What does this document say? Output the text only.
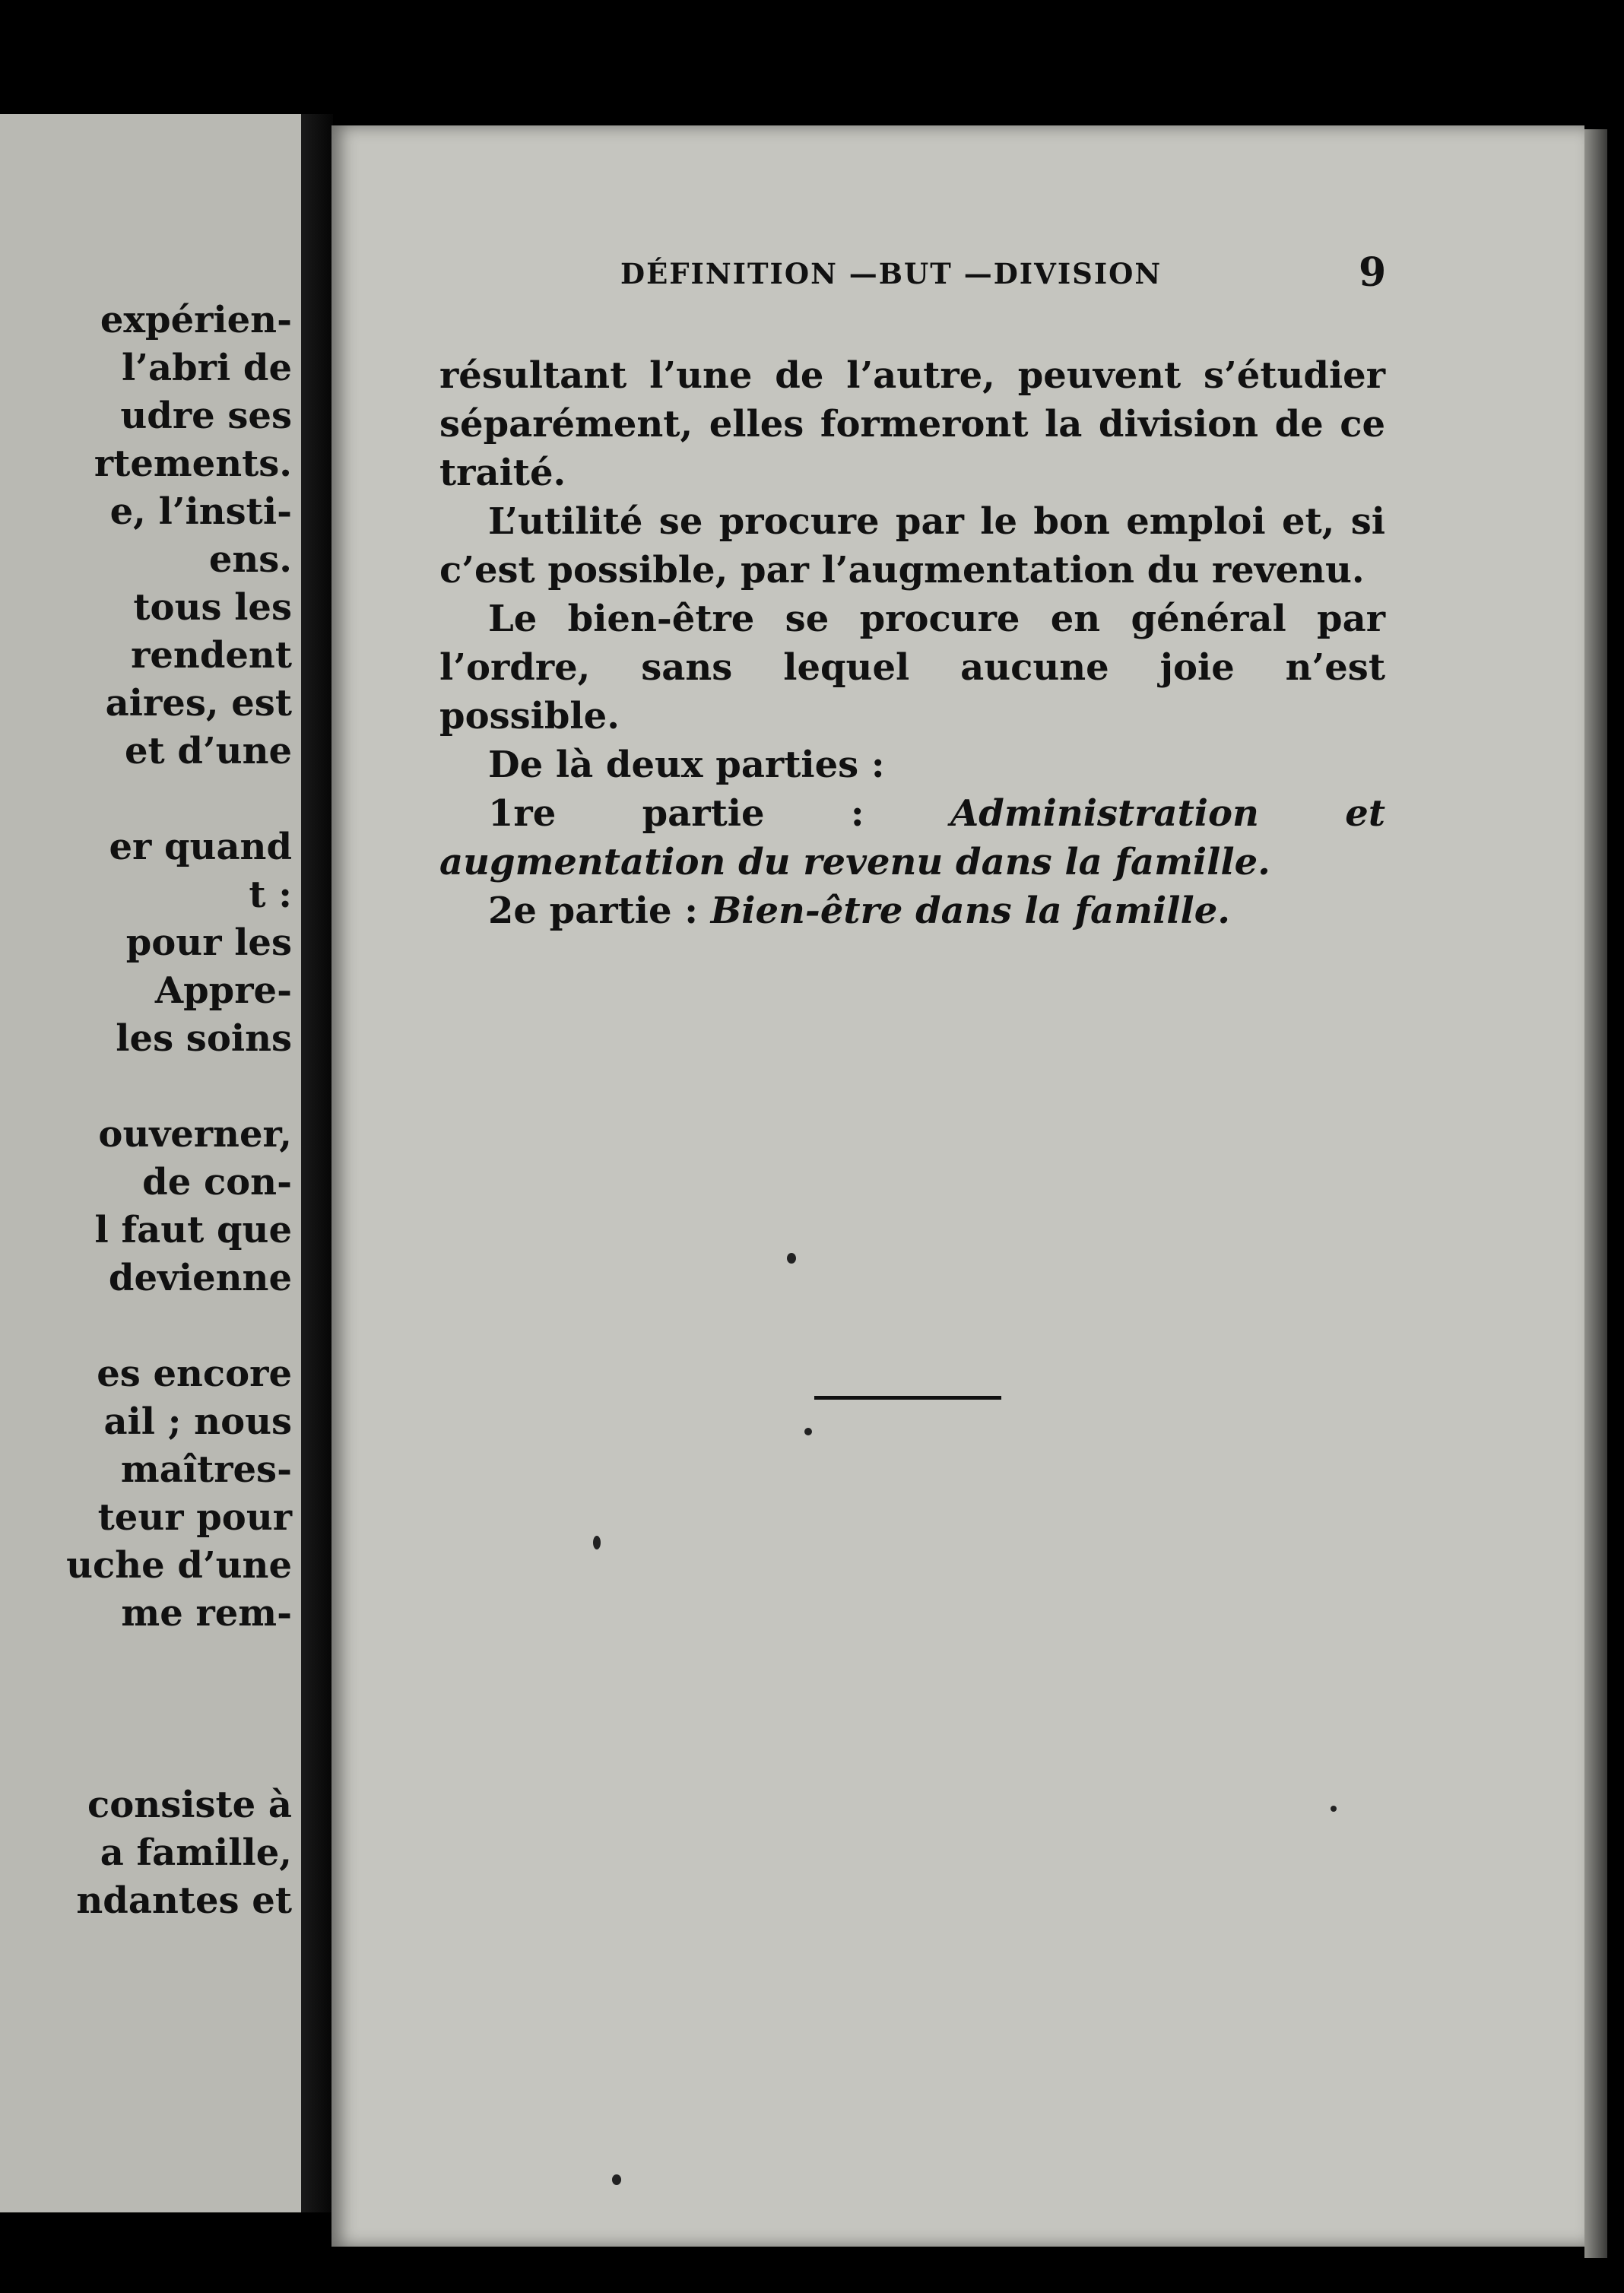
expérien-
l’abri de
udre ses
rtements.
e, l’insti-
ens.
tous les
rendent
aires, est
et d’une
er quand
t :
pour les
Appre-
les soins
ouverner,
de con-
l faut que
devienne
es encore
ail ; nous
maîtres-
teur pour
uche d’une
me rem-
consiste à
a famille,
ndantes et
DÉFINITION —BUT —DIVISION	9

résultant l’une de l’autre, peuvent s’étudier séparément, elles formeront la division de ce traité.

L’utilité se procure par le bon emploi et, si c’est possible, par l’augmentation du revenu.

Le bien-être se procure en général par l’ordre, sans lequel aucune joie n’est possible.

De là deux parties :

1re partie : Administration et augmentation du revenu dans la famille.

2e partie : Bien-être dans la famille.
